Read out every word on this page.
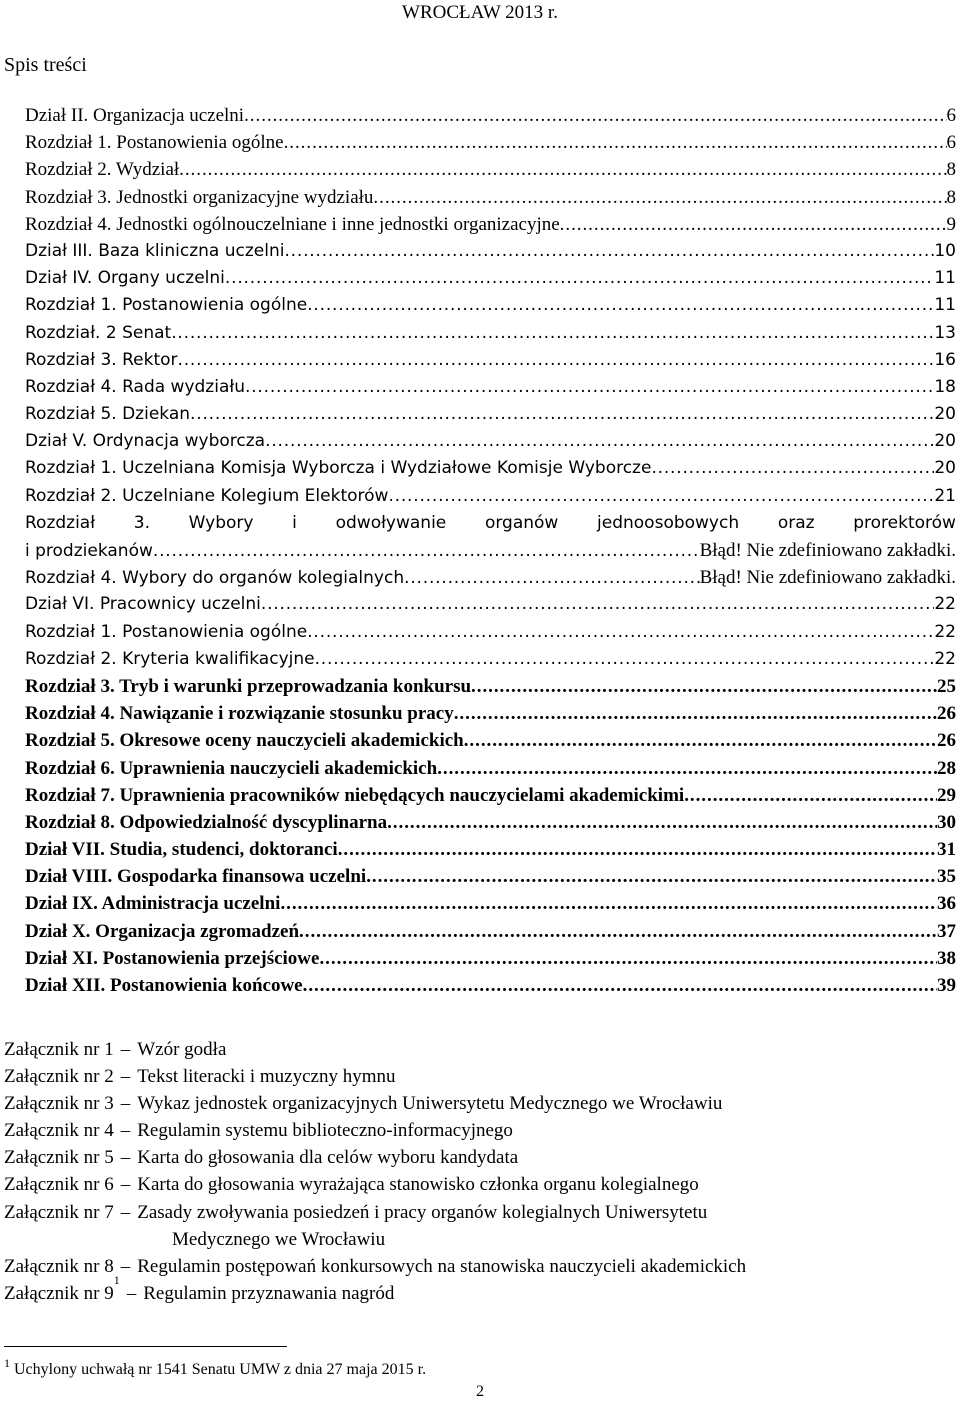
WROCŁAW 2013 r.
Spis treści
Dział II. Organizacja uczelni . . .	6
Rozdział 1. Postanowienia ogólne . . .	6
Rozdział 2. Wydział . . .	8
Rozdział 3. Jednostki organizacyjne wydziału . . .	8
Rozdział 4. Jednostki ogólnouczelniane i inne jednostki organizacyjne . . .	9
Dział III. Baza kliniczna uczelni . . .	10
Dział IV. Organy uczelni . . .	11
Rozdział 1. Postanowienia ogólne . . .	11
Rozdział. 2 Senat . . .	13
Rozdział 3. Rektor . . .	16
Rozdział 4. Rada wydziału . . .	18
Rozdział 5. Dziekan . . .	20
Dział V. Ordynacja wyborcza . . .	20
Rozdział 1. Uczelniana Komisja Wyborcza i Wydziałowe Komisje Wyborcze . . .	20
Rozdział 2. Uczelniane Kolegium Elektorów . . .	21
Rozdział 3. Wybory i odwoływanie organów jednoosobowych oraz prorektorów
i prodziekanów . . .	Błąd! Nie zdefiniowano zakładki.
Rozdział 4. Wybory do organów kolegialnych . . .	Błąd! Nie zdefiniowano zakładki.
Dział VI. Pracownicy uczelni . . .	22
Rozdział 1. Postanowienia ogólne . . .	22
Rozdział 2. Kryteria kwalifikacyjne . . .	22
Rozdział 3. Tryb i warunki przeprowadzania konkursu . . .	25
Rozdział 4. Nawiązanie i rozwiązanie stosunku pracy . . .	26
Rozdział 5. Okresowe oceny nauczycieli akademickich . . .	26
Rozdział 6. Uprawnienia nauczycieli akademickich . . .	28
Rozdział 7. Uprawnienia pracowników niebędących nauczycielami akademickimi . . .	29
Rozdział 8. Odpowiedzialność dyscyplinarna . . .	30
Dział VII. Studia, studenci, doktoranci . . .	31
Dział VIII. Gospodarka finansowa uczelni . . .	35
Dział IX. Administracja uczelni . . .	36
Dział X. Organizacja zgromadzeń . . .	37
Dział XI. Postanowienia przejściowe . . .	38
Dział XII. Postanowienia końcowe . . .	39
Załącznik nr 1 – Wzór godła
Załącznik nr 2 – Tekst literacki i muzyczny hymnu
Załącznik nr 3 – Wykaz jednostek organizacyjnych Uniwersytetu Medycznego we Wrocławiu
Załącznik nr 4 – Regulamin systemu biblioteczno-informacyjnego
Załącznik nr 5 – Karta do głosowania dla celów wyboru kandydata
Załącznik nr 6 – Karta do głosowania wyrażająca stanowisko członka organu kolegialnego
Załącznik nr 7 – Zasady zwoływania posiedzeń i pracy organów kolegialnych Uniwersytetu
Medycznego we Wrocławiu
Załącznik nr 8 – Regulamin postępowań konkursowych na stanowiska nauczycieli akademickich
Załącznik nr 9
1
– Regulamin przyznawania nagród
$^1$ Uchylony uchwałą nr 1541 Senatu UMW z dnia 27 maja 2015 r.
2
